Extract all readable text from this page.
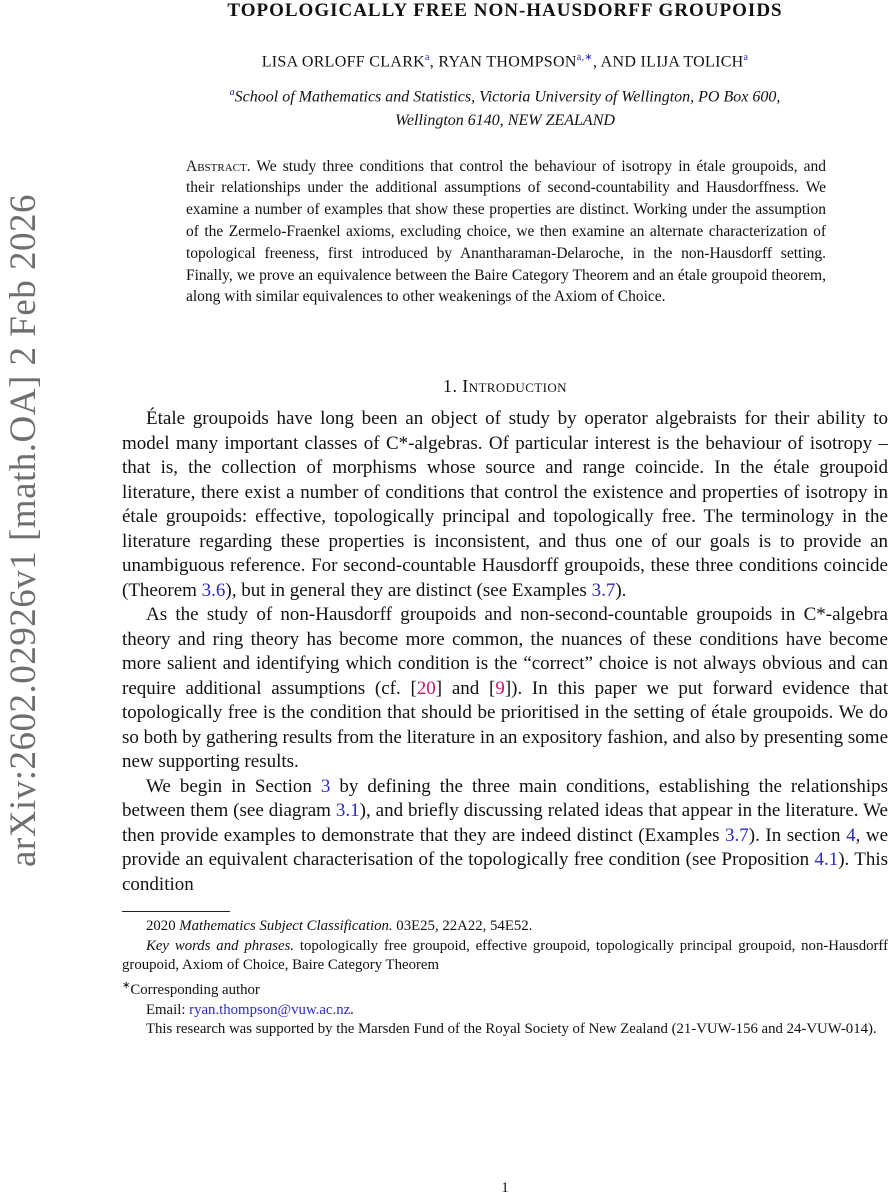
arXiv:2602.02926v1 [math.OA] 2 Feb 2026
TOPOLOGICALLY FREE NON-HAUSDORFF GROUPOIDS
LISA ORLOFF CLARK$^a$, RYAN $THOMPSON^{a,∗}$, AND ILIJA TOLICH$^a$
$^a$School of Mathematics and Statistics, Victoria University of Wellington, PO Box 600,
Wellington 6140, NEW ZEALAND
Abstract. We study three conditions that control the behaviour of isotropy in étale groupoids, and their relationships under the additional assumptions of second-countability and Hausdorffness. We examine a number of examples that show these properties are distinct. Working under the assumption of the Zermelo-Fraenkel axioms, excluding choice, we then examine an alternate characterization of topological freeness, first introduced by Anantharaman-Delaroche, in the non-Hausdorff setting. Finally, we prove an equivalence between the Baire Category Theorem and an étale groupoid theorem, along with similar equivalences to other weakenings of the Axiom of Choice.
1. Introduction

Étale groupoids have long been an object of study by operator algebraists for their ability to model many important classes of C*-algebras. Of particular interest is the behaviour of isotropy – that is, the collection of morphisms whose source and range coincide. In the étale groupoid literature, there exist a number of conditions that control the existence and properties of isotropy in étale groupoids: effective, topologically principal and topologically free. The terminology in the literature regarding these properties is inconsistent, and thus one of our goals is to provide an unambiguous reference. For second-countable Hausdorff groupoids, these three conditions coincide (Theorem 3.6), but in general they are distinct (see Examples 3.7).

As the study of non-Hausdorff groupoids and non-second-countable groupoids in C*-algebra theory and ring theory has become more common, the nuances of these conditions have become more salient and identifying which condition is the “correct” choice is not always obvious and can require additional assumptions (cf. [20] and [9]). In this paper we put forward evidence that topologically free is the condition that should be prioritised in the setting of étale groupoids. We do so both by gathering results from the literature in an expository fashion, and also by presenting some new supporting results.

We begin in Section 3 by defining the three main conditions, establishing the relationships between them (see diagram 3.1), and briefly discussing related ideas that appear in the literature. We then provide examples to demonstrate that they are indeed distinct (Examples 3.7). In section 4, we provide an equivalent characterisation of the topologically free condition (see Proposition 4.1). This condition

2020 Mathematics Subject Classification. 03E25, 22A22, 54E52.

Key words and phrases. topologically free groupoid, effective groupoid, topologically principal groupoid, non-Hausdorff groupoid, Axiom of Choice, Baire Category Theorem

∗Corresponding author

Email: ryan.thompson@vuw.ac.nz.

This research was supported by the Marsden Fund of the Royal Society of New Zealand (21-VUW-156 and 24-VUW-014).

1
